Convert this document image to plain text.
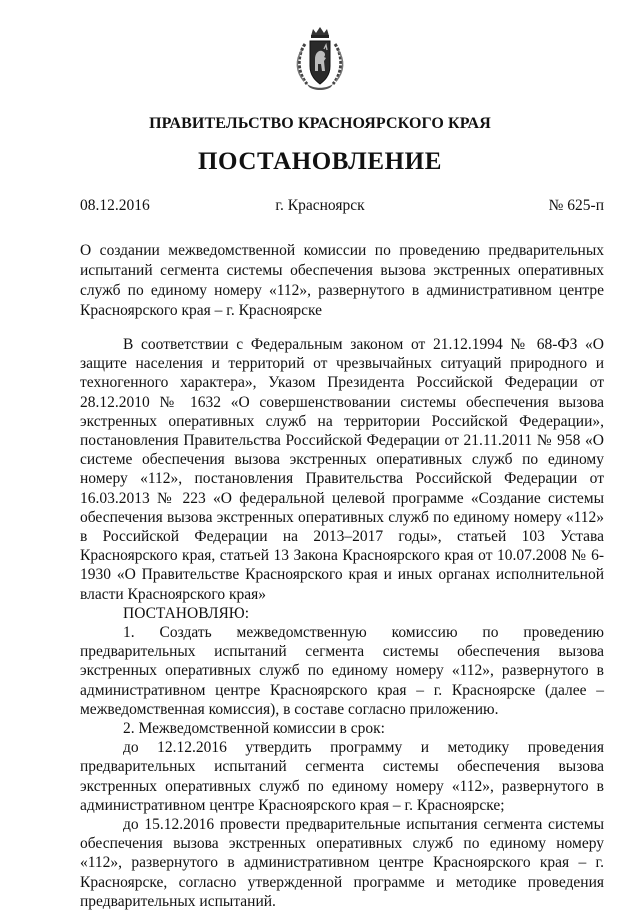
ПРАВИТЕЛЬСТВО КРАСНОЯРСКОГО КРАЯ
ПОСТАНОВЛЕНИЕ
08.12.2016	г. Красноярск	№ 625-п
О создании межведомственной комиссии по проведению предварительных испытаний сегмента системы обеспечения вызова экстренных оперативных служб по единому номеру «112», развернутого в административном центре Красноярского края – г. Красноярске

В соответствии с Федеральным законом от 21.12.1994 № 68-ФЗ «О защите населения и территорий от чрезвычайных ситуаций природного и техногенного характера», Указом Президента Российской Федерации от 28.12.2010 № 1632 «О совершенствовании системы обеспечения вызова экстренных оперативных служб на территории Российской Федерации», постановления Правительства Российской Федерации от 21.11.2011 № 958 «О системе обеспечения вызова экстренных оперативных служб по единому номеру «112», постановления Правительства Российской Федерации от 16.03.2013 № 223 «О федеральной целевой программе «Создание системы обеспечения вызова экстренных оперативных служб по единому номеру «112» в Российской Федерации на 2013–2017 годы», статьей 103 Устава Красноярского края, статьей 13 Закона Красноярского края от 10.07.2008 № 6-1930 «О Правительстве Красноярского края и иных органах исполнительной власти Красноярского края»
ПОСТАНОВЛЯЮ:

1. Создать межведомственную комиссию по проведению предварительных испытаний сегмента системы обеспечения вызова экстренных оперативных служб по единому номеру «112», развернутого в административном центре Красноярского края – г. Красноярске (далее – межведомственная комиссия), в составе согласно приложению.

2. Межведомственной комиссии в срок:

до 12.12.2016 утвердить программу и методику проведения предварительных испытаний сегмента системы обеспечения вызова экстренных оперативных служб по единому номеру «112», развернутого в административном центре Красноярского края – г. Красноярске;

до 15.12.2016 провести предварительные испытания сегмента системы обеспечения вызова экстренных оперативных служб по единому номеру «112», развернутого в административном центре Красноярского края – г. Красноярске, согласно утвержденной программе и методике проведения предварительных испытаний.
